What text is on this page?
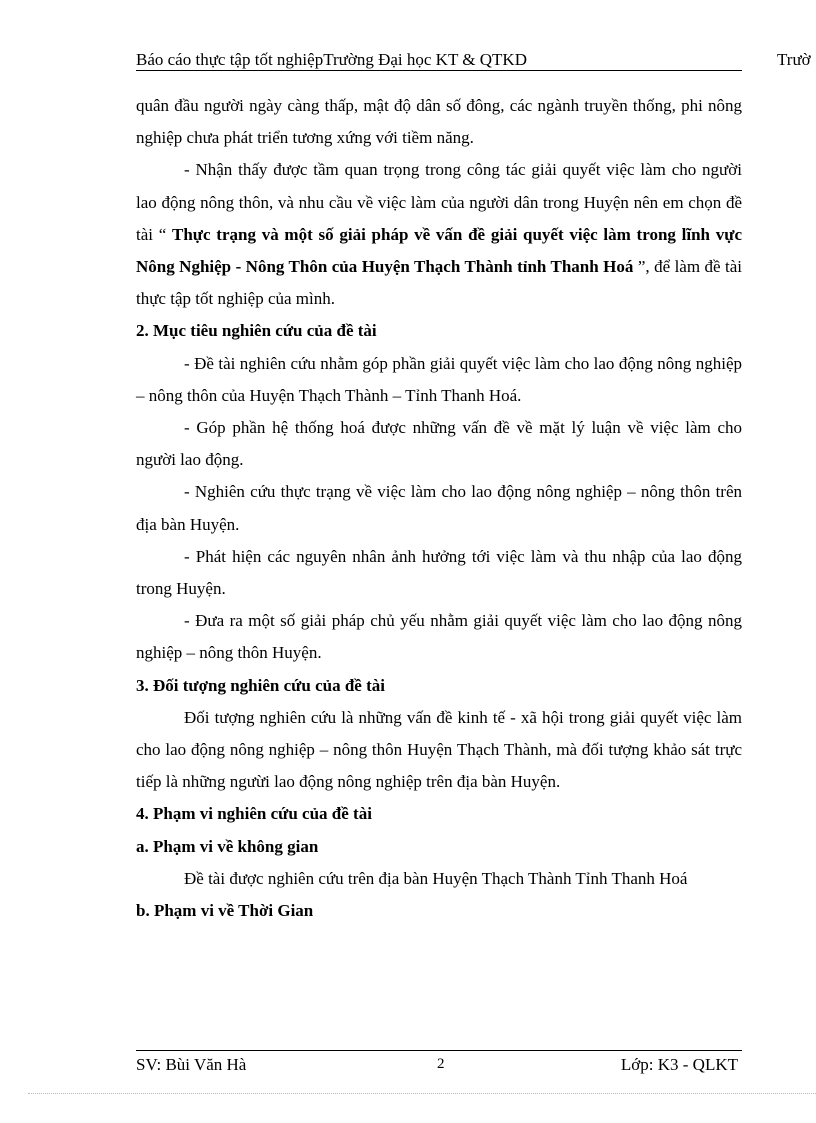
Báo cáo thực tập tốt nghiệpTrường Đại học KT & QTKD	Trườ

quân đầu người ngày càng thấp, mật độ dân số đông, các ngành truyền thống, phi nông nghiệp chưa phát triển tương xứng với tiềm năng.

- Nhận thấy được tầm quan trọng trong công tác giải quyết việc làm cho người lao động nông thôn, và nhu cầu về việc làm của người dân trong Huyện nên em chọn đề tài “ Thực trạng và một số giải pháp về vấn đề giải quyết việc làm trong lĩnh vực Nông Nghiệp - Nông Thôn của Huyện Thạch Thành tỉnh Thanh Hoá ”, để làm đề tài thực tập tốt nghiệp của mình.

2. Mục tiêu nghiên cứu của đề tài

- Đề tài nghiên cứu nhằm góp phần giải quyết việc làm cho lao động nông nghiệp – nông thôn của Huyện Thạch Thành – Tỉnh Thanh Hoá.

- Góp phần hệ thống hoá được những vấn đề về mặt lý luận về việc làm cho người lao động.

- Nghiên cứu thực trạng về việc làm cho lao động nông nghiệp – nông thôn trên địa bàn Huyện.

- Phát hiện các nguyên nhân ảnh hưởng tới việc làm và thu nhập của lao động trong Huyện.

- Đưa ra một số giải pháp chủ yếu nhằm giải quyết việc làm cho lao động nông nghiệp – nông thôn Huyện.

3. Đối tượng nghiên cứu của đề tài

Đối tượng nghiên cứu là những vấn đề kinh tế - xã hội trong giải quyết việc làm cho lao động nông nghiệp – nông thôn Huyện Thạch Thành, mà đối tượng khảo sát trực tiếp là những ngưừi lao động nông nghiệp trên địa bàn Huyện.

4. Phạm vi nghiên cứu của đề tài

a. Phạm vi về không gian

Đề tài được nghiên cứu trên địa bàn Huyện Thạch Thành Tỉnh Thanh Hoá

b. Phạm vi về Thời Gian

SV: Bùi Văn Hà	2	Lớp: K3 - QLKT
